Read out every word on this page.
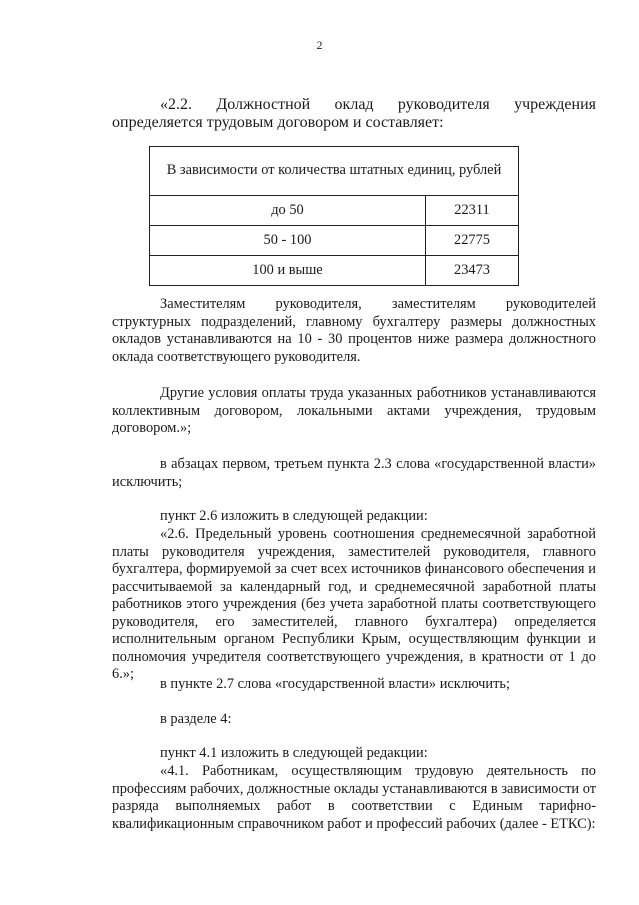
2

«2.2. Должностной оклад руководителя учреждения определяется трудовым договором и составляет:

В зависимости от количества штатных единиц, рублей	
до 50	22311
50 - 100	22775
100 и выше	23473

Заместителям руководителя, заместителям руководителей структурных подразделений, главному бухгалтеру размеры должностных окладов устанавливаются на 10 - 30 процентов ниже размера должностного оклада соответствующего руководителя.

Другие условия оплаты труда указанных работников устанавливаются коллективным договором, локальными актами учреждения, трудовым договором.»;

в абзацах первом, третьем пункта 2.3 слова «государственной власти» исключить;

пункт 2.6 изложить в следующей редакции:

«2.6. Предельный уровень соотношения среднемесячной заработной платы руководителя учреждения, заместителей руководителя, главного бухгалтера, формируемой за счет всех источников финансового обеспечения и рассчитываемой за календарный год, и среднемесячной заработной платы работников этого учреждения (без учета заработной платы соответствующего руководителя, его заместителей, главного бухгалтера) определяется исполнительным органом Республики Крым, осуществляющим функции и полномочия учредителя соответствующего учреждения, в кратности от 1 до 6.»;

в пункте 2.7 слова «государственной власти» исключить;

в разделе 4:

пункт 4.1 изложить в следующей редакции:

«4.1. Работникам, осуществляющим трудовую деятельность по профессиям рабочих, должностные оклады устанавливаются в зависимости от разряда выполняемых работ в соответствии с Единым тарифно-квалификационным справочником работ и профессий рабочих (далее - ЕТКС):
